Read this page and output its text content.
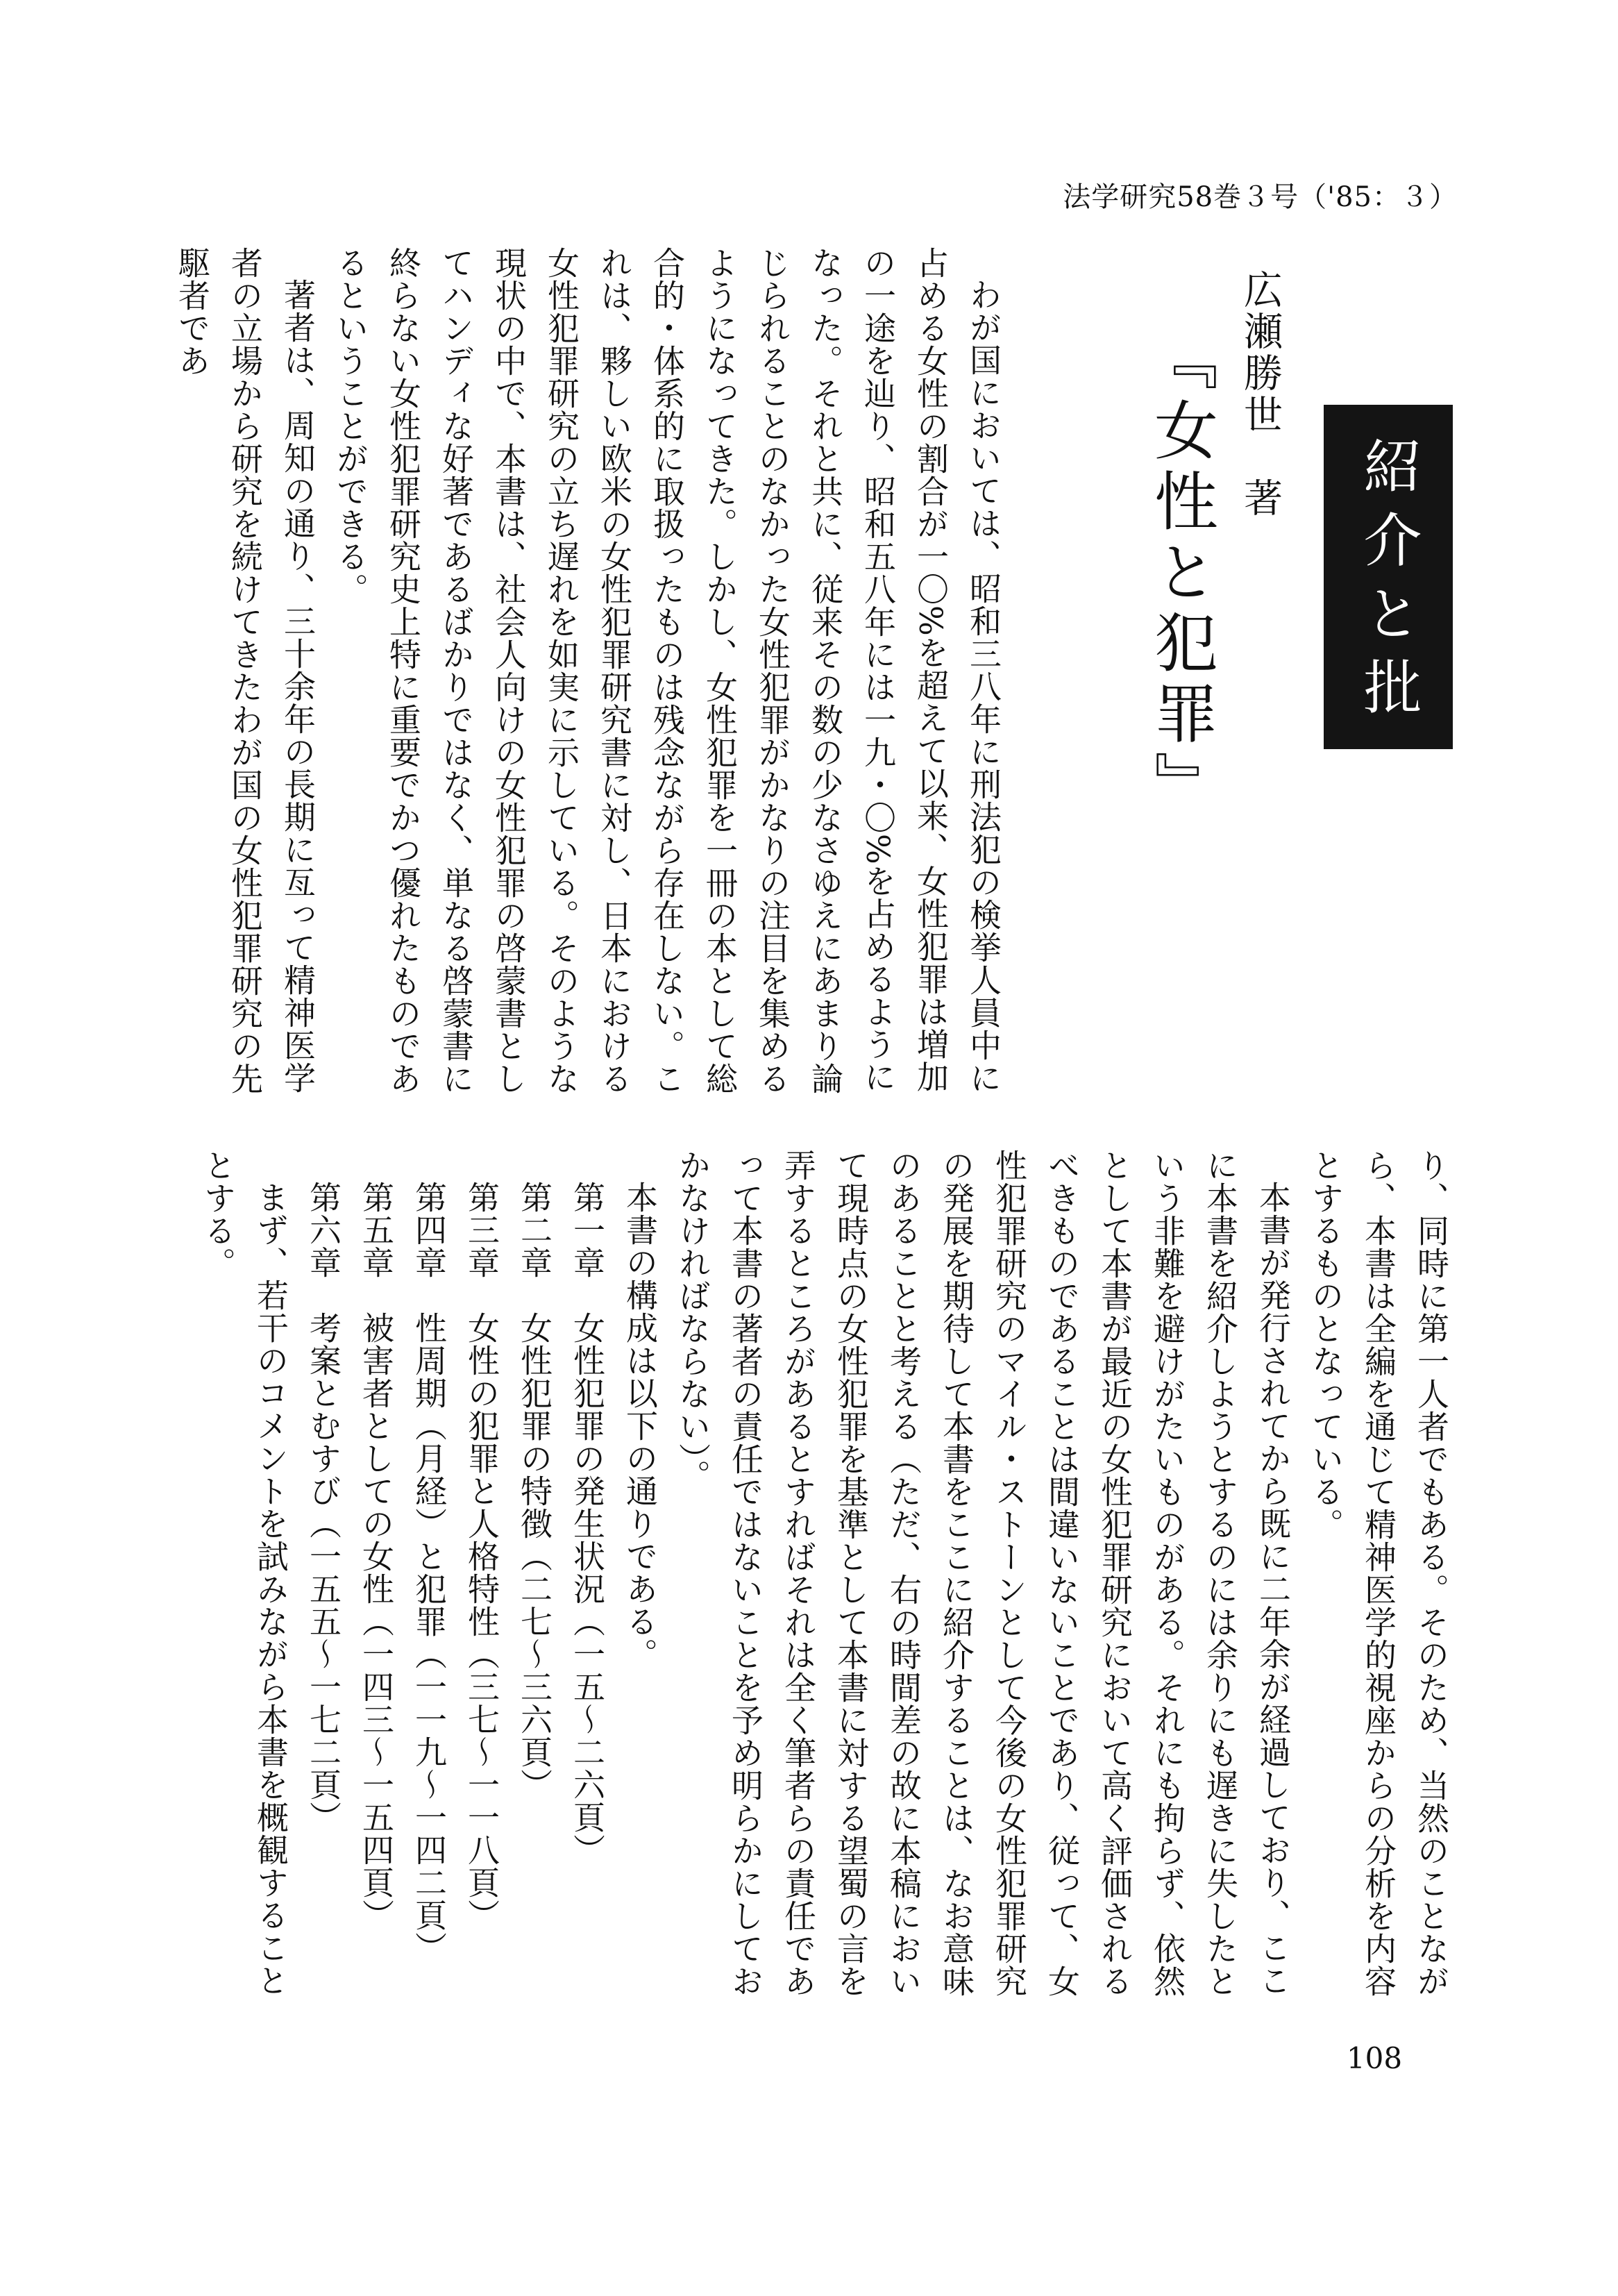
法学研究58巻３号（'85：３）
紹介と批評
広瀬勝世　著
『女性と犯罪』

わが国においては、昭和三八年に刑法犯の検挙人員中に占める女性の割合が一〇%を超えて以来、女性犯罪は増加の一途を辿り、昭和五八年には一九・〇%を占めるようになった。それと共に、従来その数の少なさゆえにあまり論じられることのなかった女性犯罪がかなりの注目を集めるようになってきた。しかし、女性犯罪を一冊の本として総合的・体系的に取扱ったものは残念ながら存在しない。これは、夥しい欧米の女性犯罪研究書に対し、日本における女性犯罪研究の立ち遅れを如実に示している。そのような現状の中で、本書は、社会人向けの女性犯罪の啓蒙書としてハンディな好著であるばかりではなく、単なる啓蒙書に終らない女性犯罪研究史上特に重要でかつ優れたものであるということができる。

著者は、周知の通り、三十余年の長期に亙って精神医学者の立場から研究を続けてきたわが国の女性犯罪研究の先駆者であ

り、同時に第一人者でもある。そのため、当然のことながら、本書は全編を通じて精神医学的視座からの分析を内容とするものとなっている。

本書が発行されてから既に二年余が経過しており、ここに本書を紹介しようとするのには余りにも遅きに失したという非難を避けがたいものがある。それにも拘らず、依然として本書が最近の女性犯罪研究において高く評価されるべきものであることは間違いないことであり、従って、女性犯罪研究のマイル・ストーンとして今後の女性犯罪研究の発展を期待して本書をここに紹介することは、なお意味のあることと考える（ただ、右の時間差の故に本稿において現時点の女性犯罪を基準として本書に対する望蜀の言を弄するところがあるとすればそれは全く筆者らの責任であって本書の著者の責任ではないことを予め明らかにしておかなければならない）。

本書の構成は以下の通りである。

第一章　女性犯罪の発生状況（一五〜二六頁）
第二章　女性犯罪の特徴（二七〜三六頁）
第三章　女性の犯罪と人格特性（三七〜一一八頁）
第四章　性周期（月経）と犯罪（一一九〜一四二頁）
第五章　被害者としての女性（一四三〜一五四頁）
第六章　考案とむすび（一五五〜一七二頁）

まず、若干のコメントを試みながら本書を概観することとする。

108
